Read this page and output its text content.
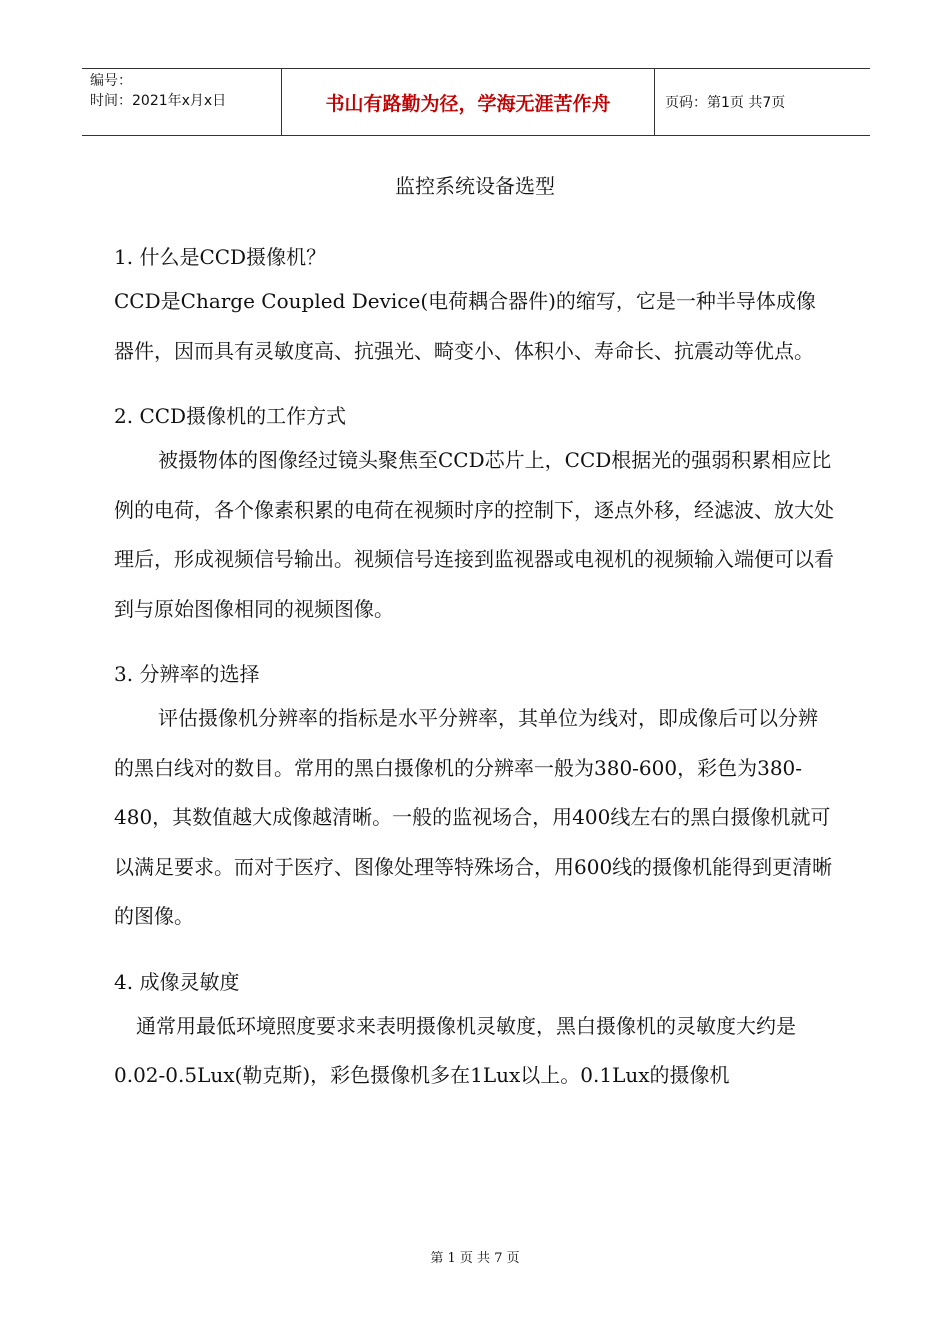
编号：
时间：2021年x月x日	书山有路勤为径，学海无涯苦作舟	页码：第1页 共7页
监控系统设备选型
1. 什么是CCD摄像机？
CCD是Charge Coupled Device(电荷耦合器件)的缩写，它是一种半导体成像器件，因而具有灵敏度高、抗强光、畸变小、体积小、寿命长、抗震动等优点。
2. CCD摄像机的工作方式
被摄物体的图像经过镜头聚焦至CCD芯片上，CCD根据光的强弱积累相应比例的电荷，各个像素积累的电荷在视频时序的控制下，逐点外移，经滤波、放大处理后，形成视频信号输出。视频信号连接到监视器或电视机的视频输入端便可以看到与原始图像相同的视频图像。
3. 分辨率的选择
评估摄像机分辨率的指标是水平分辨率，其单位为线对，即成像后可以分辨的黑白线对的数目。常用的黑白摄像机的分辨率一般为380-600，彩色为380-480，其数值越大成像越清晰。一般的监视场合，用400线左右的黑白摄像机就可以满足要求。而对于医疗、图像处理等特殊场合，用600线的摄像机能得到更清晰的图像。
4. 成像灵敏度
通常用最低环境照度要求来表明摄像机灵敏度，黑白摄像机的灵敏度大约是0.02-0.5Lux(勒克斯)，彩色摄像机多在1Lux以上。0.1Lux的摄像机
第 1 页 共 7 页
